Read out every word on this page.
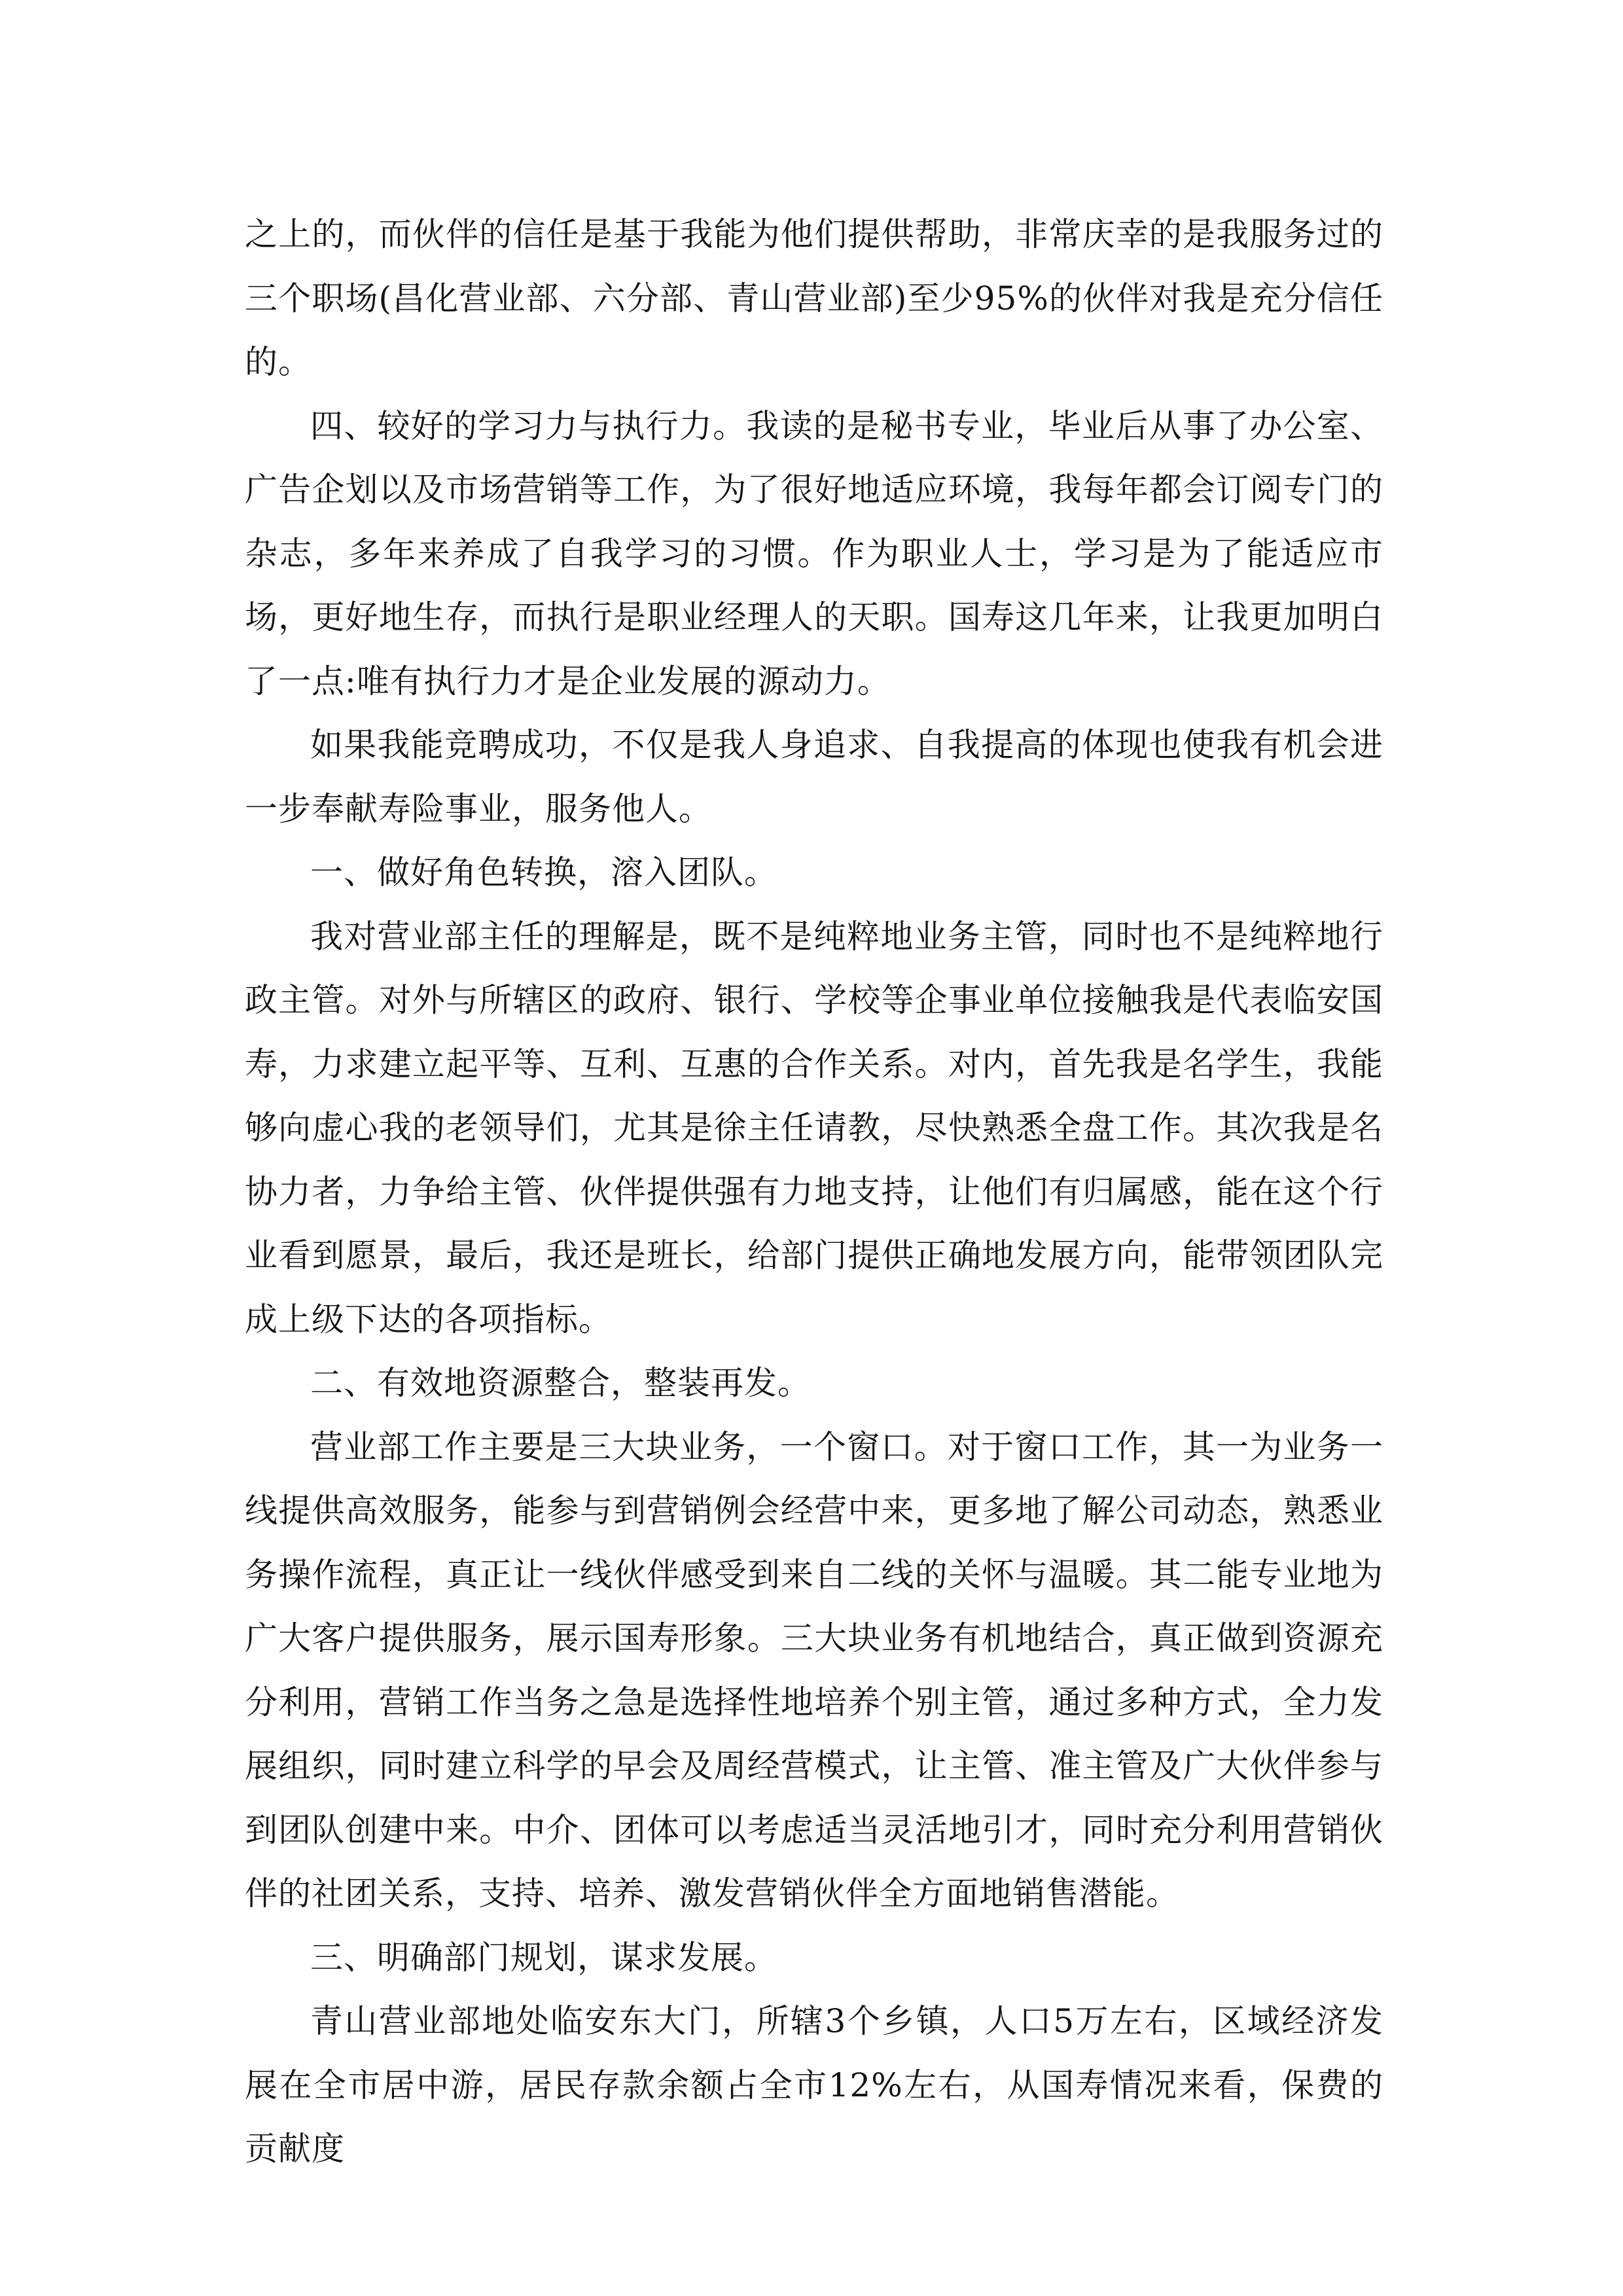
之上的，而伙伴的信任是基于我能为他们提供帮助，非常庆幸的是我服务过的三个职场(昌化营业部、六分部、青山营业部)至少95%的伙伴对我是充分信任的。

四、较好的学习力与执行力。我读的是秘书专业，毕业后从事了办公室、广告企划以及市场营销等工作，为了很好地适应环境，我每年都会订阅专门的杂志，多年来养成了自我学习的习惯。作为职业人士，学习是为了能适应市场，更好地生存，而执行是职业经理人的天职。国寿这几年来，让我更加明白了一点:唯有执行力才是企业发展的源动力。

如果我能竞聘成功，不仅是我人身追求、自我提高的体现也使我有机会进一步奉献寿险事业，服务他人。

一、做好角色转换，溶入团队。

我对营业部主任的理解是，既不是纯粹地业务主管，同时也不是纯粹地行政主管。对外与所辖区的政府、银行、学校等企事业单位接触我是代表临安国寿，力求建立起平等、互利、互惠的合作关系。对内，首先我是名学生，我能够向虚心我的老领导们，尤其是徐主任请教，尽快熟悉全盘工作。其次我是名协力者，力争给主管、伙伴提供强有力地支持，让他们有归属感，能在这个行业看到愿景，最后，我还是班长，给部门提供正确地发展方向，能带领团队完成上级下达的各项指标。

二、有效地资源整合，整装再发。

营业部工作主要是三大块业务，一个窗口。对于窗口工作，其一为业务一线提供高效服务，能参与到营销例会经营中来，更多地了解公司动态，熟悉业务操作流程，真正让一线伙伴感受到来自二线的关怀与温暖。其二能专业地为广大客户提供服务，展示国寿形象。三大块业务有机地结合，真正做到资源充分利用，营销工作当务之急是选择性地培养个别主管，通过多种方式，全力发展组织，同时建立科学的早会及周经营模式，让主管、准主管及广大伙伴参与到团队创建中来。中介、团体可以考虑适当灵活地引才，同时充分利用营销伙伴的社团关系，支持、培养、激发营销伙伴全方面地销售潜能。

三、明确部门规划，谋求发展。

青山营业部地处临安东大门，所辖3个乡镇，人口5万左右，区域经济发展在全市居中游，居民存款余额占全市12%左右，从国寿情况来看，保费的贡献度
